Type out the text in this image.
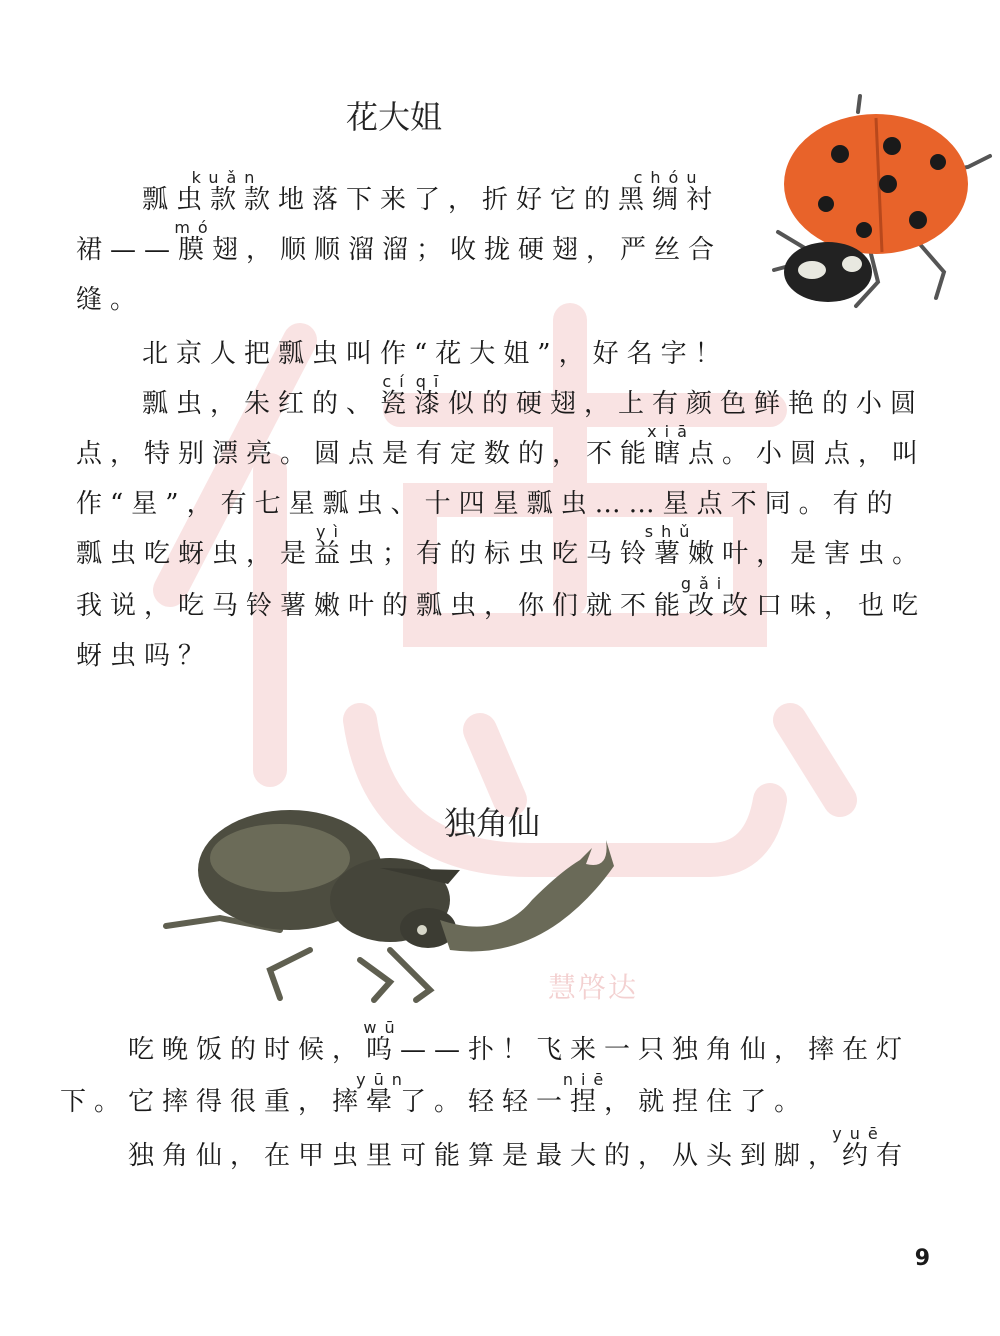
慧啓达
花大姐
瓢虫
kuǎn
款款地落下来了，折好它的黑
chóu
绸衬
裙——
mó
膜翅，顺顺溜溜；收拢硬翅，严丝合
缝。
北京人把瓢虫叫作“花大姐”，好名字！
瓢虫，朱红的、
cí
瓷
qī
漆似的硬翅，上有颜色鲜艳的小圆
点，特别漂亮。圆点是有定数的，不能
xiā
瞎点。小圆点，叫
作“星”，有七星瓢虫、十四星瓢虫……星点不同。有的
瓢虫吃蚜虫，是
yì
益虫；有的标虫吃马铃
shǔ
薯嫩叶，是害虫。
我说，吃马铃薯嫩叶的瓢虫，你们就不能
gǎi
改改口味，也吃
蚜虫吗？
独角仙
吃晚饭的时候，
wū
呜——扑！飞来一只独角仙，摔在灯
下。它摔得很重，摔
yūn
晕了。轻轻一
niē
捏，就捏住了。
独角仙，在甲虫里可能算是最大的，从头到脚，
yuē
约有
9
